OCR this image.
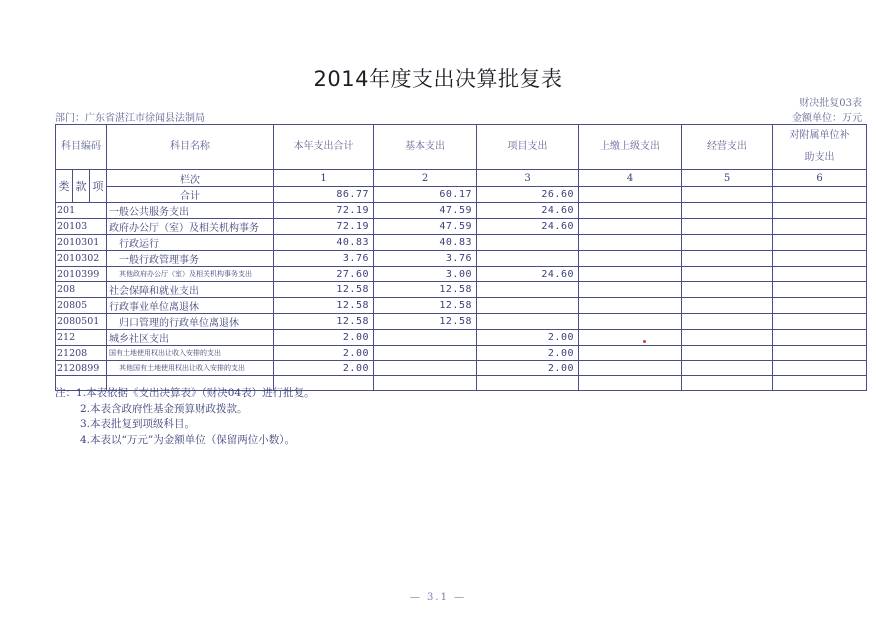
2014年度支出决算批复表
财决批复03表
部门：广东省湛江市徐闻县法制局	金额单位：万元
科目编码			科目名称	本年支出合计	基本支出	项目支出	上缴上级支出	经营支出	对附属单位补助支出
类	款	项	栏次	1	2	3	4	5	6
			合计	86.77	60.17	26.60			
201			一般公共服务支出	72.19	47.59	24.60			
20103			政府办公厅（室）及相关机构事务	72.19	47.59	24.60			
2010301			行政运行	40.83	40.83				
2010302			一般行政管理事务	3.76	3.76				
2010399			其他政府办公厅（室）及相关机构事务支出	27.60	3.00	24.60			
208			社会保障和就业支出	12.58	12.58				
20805			行政事业单位离退休	12.58	12.58				
2080501			归口管理的行政单位离退休	12.58	12.58				
212			城乡社区支出	2.00		2.00			
21208			国有土地使用权出让收入安排的支出	2.00		2.00			
2120899			其他国有土地使用权出让收入安排的支出	2.00		2.00			

注：1.本表依据《支出决算表》（财决04表）进行批复。
2.本表含政府性基金预算财政拨款。
3.本表批复到项级科目。
4.本表以“万元”为金额单位（保留两位小数）。
— 3.1 —
